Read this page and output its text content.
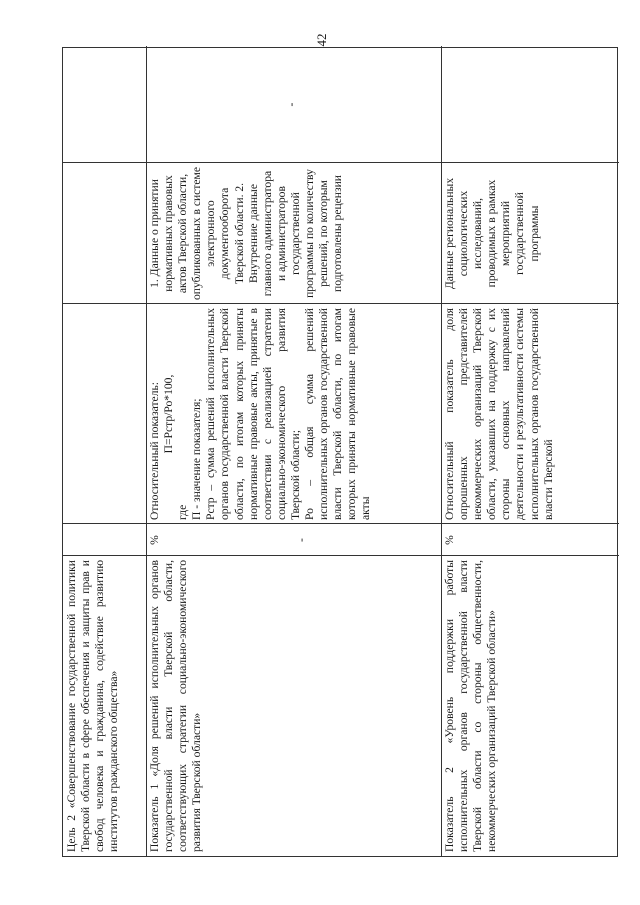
42
Цель 2 «Совершенствование государственной политики Тверской области в сфере обеспечения и защиты прав и свобод человека и гражданина, содействие развитию институтов гражданского общества»	Показатель 1 «Доля решений исполнительных органов государственной власти Тверской области, соответствующих стратегии социально-экономического развития Тверской области»
%	-
Относительный показатель: П=Рстр/Ро*100,
где П - значение показателя; Рстр – сумма решений исполнительных органов государственной власти Тверской области, по итогам которых приняты нормативные правовые акты, принятые в соответствии с реализацией стратегии социально-экономического развития Тверской области; Ро – общая сумма решений исполнительных органов государственной власти Тверской области, по итогам которых приняты нормативные правовые акты
1. Данные о принятии нормативных правовых актов Тверской области, опубликованных в системе электронного документооборота Тверской области. 2. Внутренние данные главного администратора и администраторов государственной программы по количеству решений, по которым подготовлены рецензии
Показатель 2 «Уровень поддержки работы исполнительных органов государственной власти Тверской области со стороны общественности, некоммерческих организаций Тверской области»
%
Относительный показатель доля опрошенных представителей некоммерческих организаций Тверской области, указавших на поддержку с их стороны основных направлений деятельности и результативности системы исполнительных органов государственной власти Тверской
Данные региональных социологических исследований, проводимых в рамках мероприятий государственной программы
-
